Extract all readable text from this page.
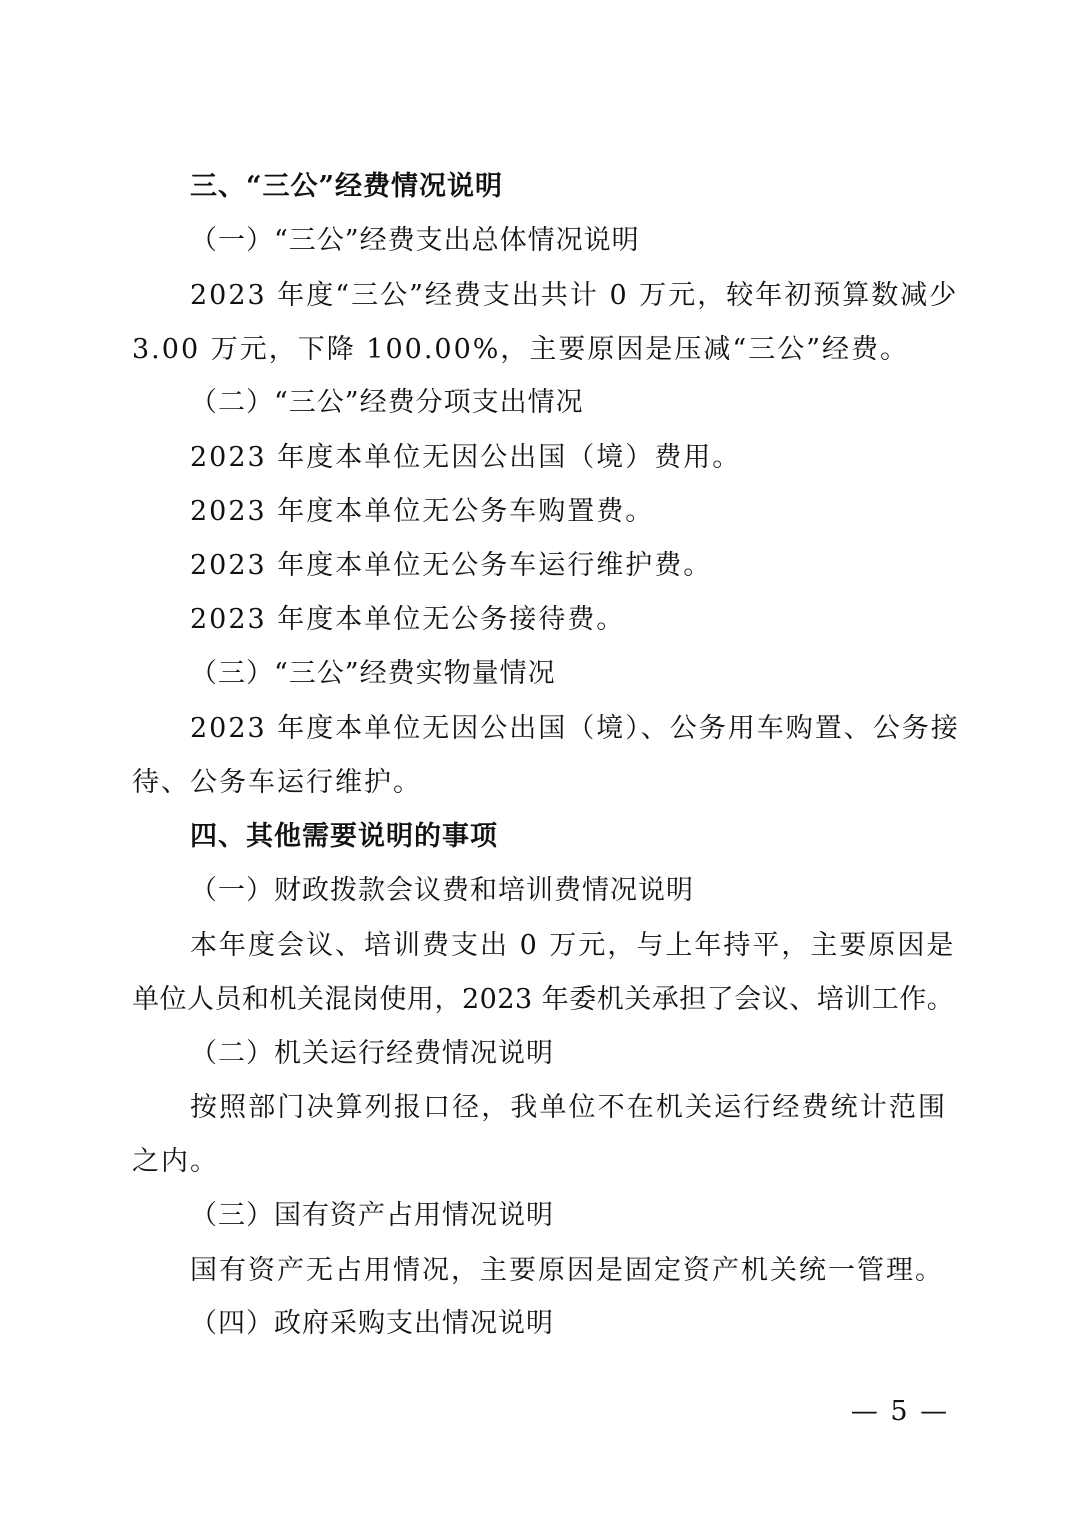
三、“三公”经费情况说明
（一）“三公”经费支出总体情况说明
2023 年度“三公”经费支出共计 0 万元，较年初预算数减少
3.00 万元，下降 100.00%，主要原因是压减“三公”经费。
（二）“三公”经费分项支出情况
2023 年度本单位无因公出国（境）费用。
2023 年度本单位无公务车购置费。
2023 年度本单位无公务车运行维护费。
2023 年度本单位无公务接待费。
（三）“三公”经费实物量情况
2023 年度本单位无因公出国（境）、公务用车购置、公务接
待、公务车运行维护。
四、其他需要说明的事项
（一）财政拨款会议费和培训费情况说明
本年度会议、培训费支出 0 万元，与上年持平，主要原因是
单位人员和机关混岗使用，2023 年委机关承担了会议、培训工作。
（二）机关运行经费情况说明
按照部门决算列报口径，我单位不在机关运行经费统计范围
之内。
（三）国有资产占用情况说明
国有资产无占用情况，主要原因是固定资产机关统一管理。
（四）政府采购支出情况说明
— 5 —
